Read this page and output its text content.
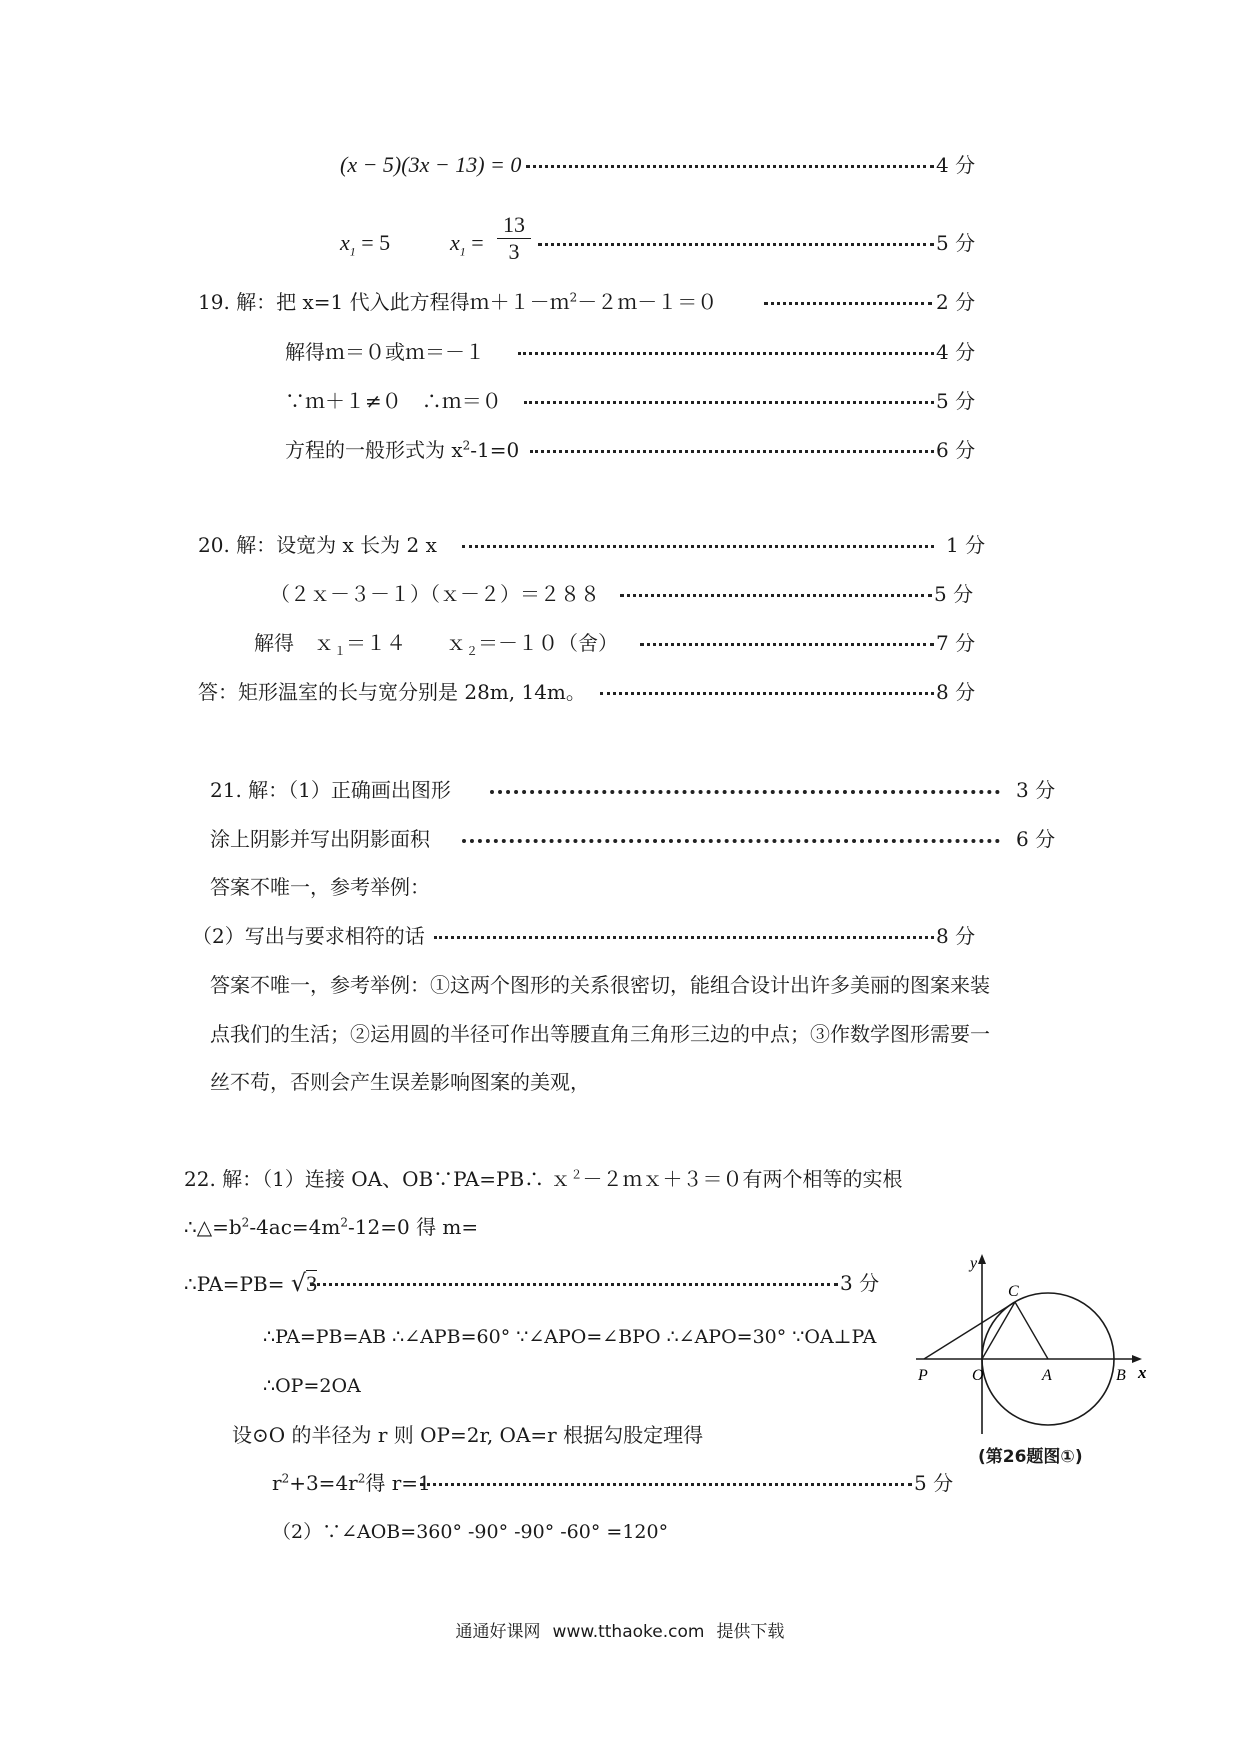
(x − 5)(3x − 13) = 0	4 分
$x_1 = 5$	$x_1 = \frac{13}{3}$	5 分
19. 解：把 x=1 代入此方程得ｍ＋１－ｍ$^2$－２ｍ－１＝０	2 分
解得ｍ＝０或ｍ＝－１	4 分
∵ｍ＋１≠０　∴ｍ＝０	5 分
方程的一般形式为 $x^2-1=0$	6 分
20. 解：设宽为 x 长为 2 x	1 分
（２ｘ－３－１）（ｘ－２）＝２８８	5 分
解得　ｘ$_1$＝１４　　ｘ$_2$＝－１０（舍）	7 分
答：矩形温室的长与宽分别是 28m, 14m。	8 分
21. 解：（1）正确画出图形	3 分
涂上阴影并写出阴影面积	6 分
答案不唯一，参考举例：
（2）写出与要求相符的话	8 分
答案不唯一，参考举例：①这两个图形的关系很密切，能组合设计出许多美丽的图案来装
点我们的生活；②运用圆的半径可作出等腰直角三角形三边的中点；③作数学图形需要一
丝不苟，否则会产生误差影响图案的美观，
22. 解：（1）连接 OA、OB∵PA=PB∴ ｘ$^2$－２ｍｘ＋３＝０有两个相等的实根
$\therefore\triangle=b^2-4ac=4m^2-12=0$ 得 m=
∴PA=PB= √3	3 分
∴PA=PB=AB ∴∠APB=60° ∵∠APO=∠BPO ∴∠APO=30° ∵OA⊥PA
∴OP=2OA
设⊙O 的半径为 r 则 OP=2r, OA=r 根据勾股定理得
$r^2+3=4r^2$得 r=1	5 分
（2）∵∠AOB=360° -90° -90° -60° =120°
y
x
P	O	A	B
C
(第26题图①)
通通好课网 www.tthaoke.com 提供下载
